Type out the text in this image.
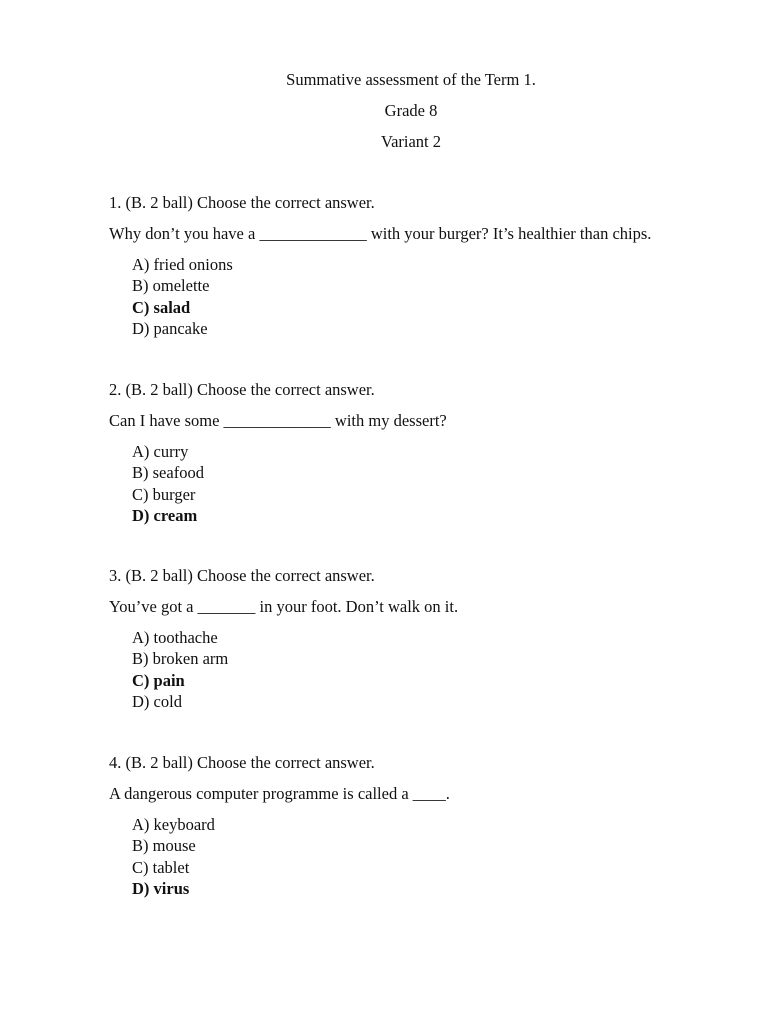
Summative assessment of the Term 1.
Grade 8
Variant 2
1. (B. 2 ball) Choose the correct answer.
Why don’t you have a _____________ with your burger? It’s healthier than chips.
A) fried onions
B) omelette
C) salad
D) pancake
2. (B. 2 ball) Choose the correct answer.
Can I have some _____________ with my dessert?
A) curry
B) seafood
C) burger
D) cream
3. (B. 2 ball) Choose the correct answer.
You’ve got a _______ in your foot. Don’t walk on it.
A) toothache
B) broken arm
C) pain
D) cold
4. (B. 2 ball) Choose the correct answer.
A dangerous computer programme is called a ____.
A) keyboard
B) mouse
C) tablet
D) virus
